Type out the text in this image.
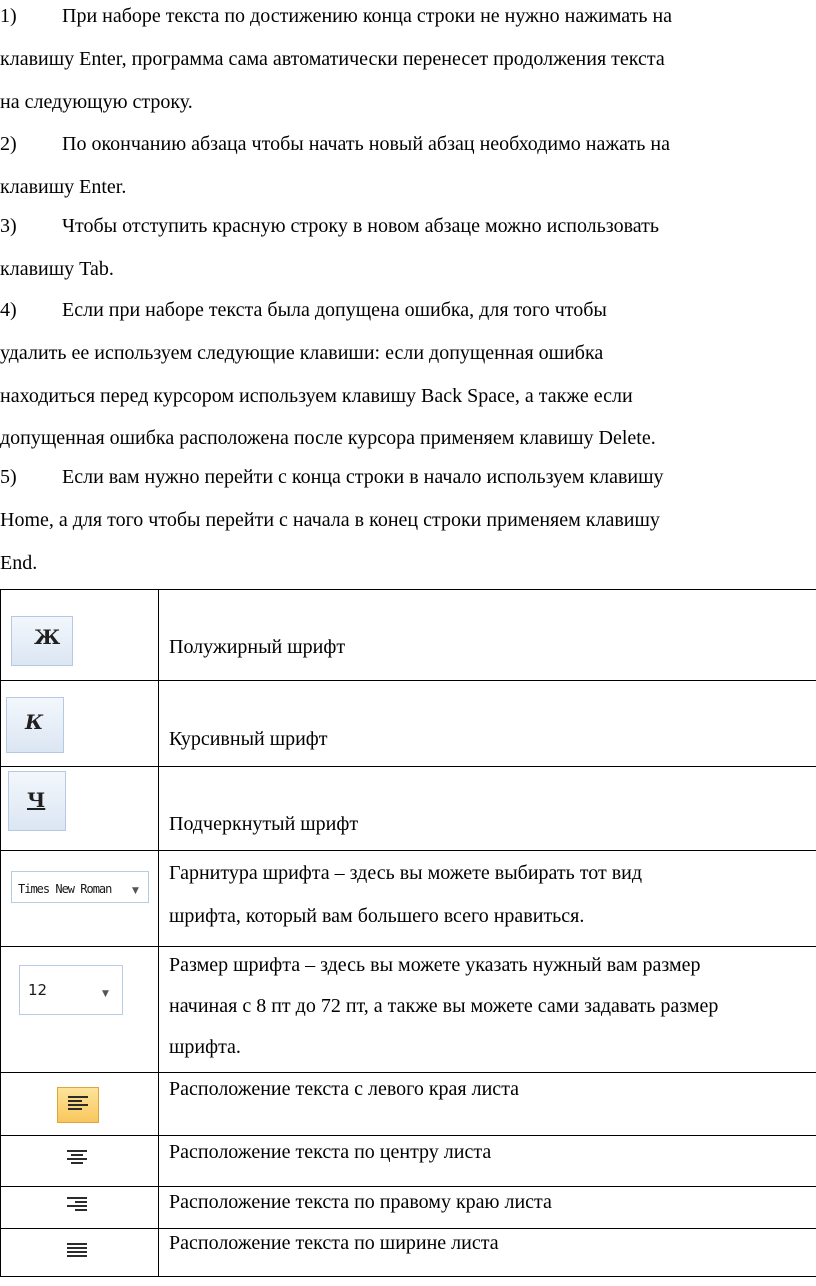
1) При наборе текста по достижению конца строки не нужно нажимать на
клавишу Enter, программа сама автоматически перенесет продолжения текста
на следующую строку.
2) По окончанию абзаца чтобы начать новый абзац необходимо нажать на
клавишу Enter.
3) Чтобы отступить красную строку в новом абзаце можно использовать
клавишу Tab.
4) Если при наборе текста была допущена ошибка, для того чтобы
удалить ее используем следующие клавиши: если допущенная ошибка
находиться перед курсором используем клавишу Back Space, а также если
допущенная ошибка расположена после курсора применяем клавишу Delete.
5) Если вам нужно перейти с конца строки в начало используем клавишу
Home, а для того чтобы перейти с начала в конец строки применяем клавишу
End.
Ж	Полужирный шрифт

К	Курсивный шрифт

Ч	Подчеркнутый шрифт

Times New Roman ▼	Гарнитура шрифта – здесь вы можете выбирать тот вид
шрифта, который вам большего всего нравиться.

12 ▼	Размер шрифта – здесь вы можете указать нужный вам размер
начиная с 8 пт до 72 пт, а также вы можете сами задавать размер
шрифта.

	Расположение текста с левого края листа

	Расположение текста по центру листа

	Расположение текста по правому краю листа

	Расположение текста по ширине листа
